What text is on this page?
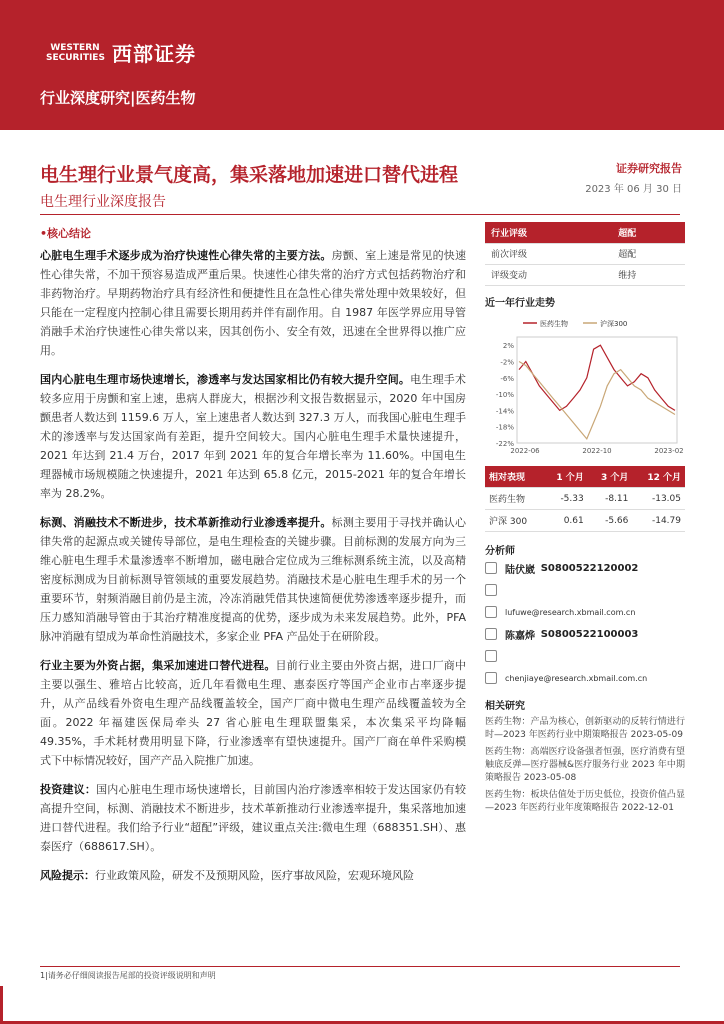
WESTERN SECURITIES 西部证券
行业深度研究|医药生物
电生理行业景气度高，集采落地加速进口替代进程
电生理行业深度报告
证券研究报告
2023 年 06 月 30 日
•核心结论

心脏电生理手术逐步成为治疗快速性心律失常的主要方法。房颤、室上速是常见的快速性心律失常，不加干预容易造成严重后果。快速性心律失常的治疗方式包括药物治疗和非药物治疗。早期药物治疗具有经济性和便捷性且在急性心律失常处理中效果较好，但只能在一定程度内控制心律且需要长期用药并伴有副作用。自 1987 年医学界应用导管消融手术治疗快速性心律失常以来，因其创伤小、安全有效，迅速在全世界得以推广应用。

国内心脏电生理市场快速增长，渗透率与发达国家相比仍有较大提升空间。电生理手术较多应用于房颤和室上速，患病人群庞大，根据沙利文报告数据显示，2020 年中国房颤患者人数达到 1159.6 万人，室上速患者人数达到 327.3 万人，而我国心脏电生理手术的渗透率与发达国家尚有差距，提升空间较大。国内心脏电生理手术量快速提升，2021 年达到 21.4 万台，2017 年到 2021 年的复合年增长率为 11.60%。中国电生理器械市场规模随之快速提升，2021 年达到 65.8 亿元，2015-2021 年的复合年增长率为 28.2%。

标测、消融技术不断进步，技术革新推动行业渗透率提升。标测主要用于寻找并确认心律失常的起源点或关键传导部位，是电生理检查的关键步骤。目前标测的发展方向为三维心脏电生理手术量渗透率不断增加，磁电融合定位成为三维标测系统主流，以及高精密度标测成为目前标测导管领域的重要发展趋势。消融技术是心脏电生理手术的另一个重要环节，射频消融目前仍是主流，冷冻消融凭借其快速简便优势渗透率逐步提升，而压力感知消融导管由于其治疗精准度提高的优势，逐步成为未来发展趋势。此外，PFA 脉冲消融有望成为革命性消融技术，多家企业 PFA 产品处于在研阶段。

行业主要为外资占据，集采加速进口替代进程。目前行业主要由外资占据，进口厂商中主要以强生、雅培占比较高，近几年看微电生理、惠泰医疗等国产企业市占率逐步提升，从产品线看外资电生理产品线覆盖较全，国产厂商中微电生理产品线覆盖较为全面。2022 年福建医保局牵头 27 省心脏电生理联盟集采，本次集采平均降幅 49.35%，手术耗材费用明显下降，行业渗透率有望快速提升。国产厂商在单件采购模式下中标情况较好，国产产品入院推广加速。

投资建议：国内心脏电生理市场快速增长，目前国内治疗渗透率相较于发达国家仍有较高提升空间，标测、消融技术不断进步，技术革新推动行业渗透率提升，集采落地加速进口替代进程。我们给予行业“超配”评级，建议重点关注:微电生理（688351.SH）、惠泰医疗（688617.SH）。

风险提示：行业政策风险，研发不及预期风险，医疗事故风险，宏观环境风险

行业评级	超配
前次评级	超配
评级变动	维持
近一年行业走势
2%
-2%
-6%
-10%
-14%
-18%
-22%
2022-06	2022-10	2023-02
医药生物	沪深300
相对表现	1 个月	3 个月	12 个月
医药生物	-5.33	-8.11	-13.05
沪深 300	0.61	-5.66	-14.79
分析师
陆伏崴
S0800522120002
lufuwe@research.xbmail.com.cn
陈嘉烨
S0800522100003
chenjiaye@research.xbmail.com.cn
相关研究
医药生物：产品为核心，创新驱动的反转行情进行时—2023 年医药行业中期策略报告 2023-05-09
医药生物：高端医疗设备强者恒强，医疗消费有望触底反弹—医疗器械&医疗服务行业 2023 年中期策略报告 2023-05-08
医药生物：板块估值处于历史低位，投资价值凸显—2023 年医药行业年度策略报告 2022-12-01
1|请务必仔细阅读报告尾部的投资评级说明和声明
